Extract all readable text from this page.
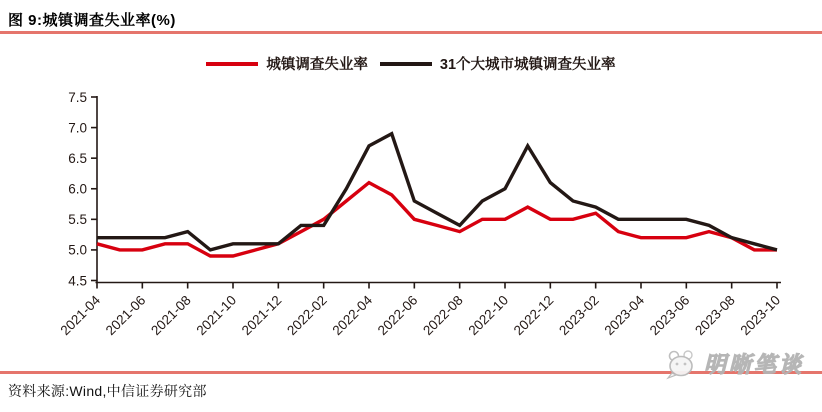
图 9:城镇调查失业率(%)
城镇调查失业率	31个大城市城镇调查失业率
4.5
5.0
5.5
6.0
6.5
7.0
7.5
2021-04 2021-06 2021-08 2021-10 2021-12 2022-02 2022-04 2022-06 2022-08 2022-10 2022-12 2023-02 2023-04 2023-06 2023-08 2023-10
资料来源:Wind,中信证券研究部
明晰笔谈
